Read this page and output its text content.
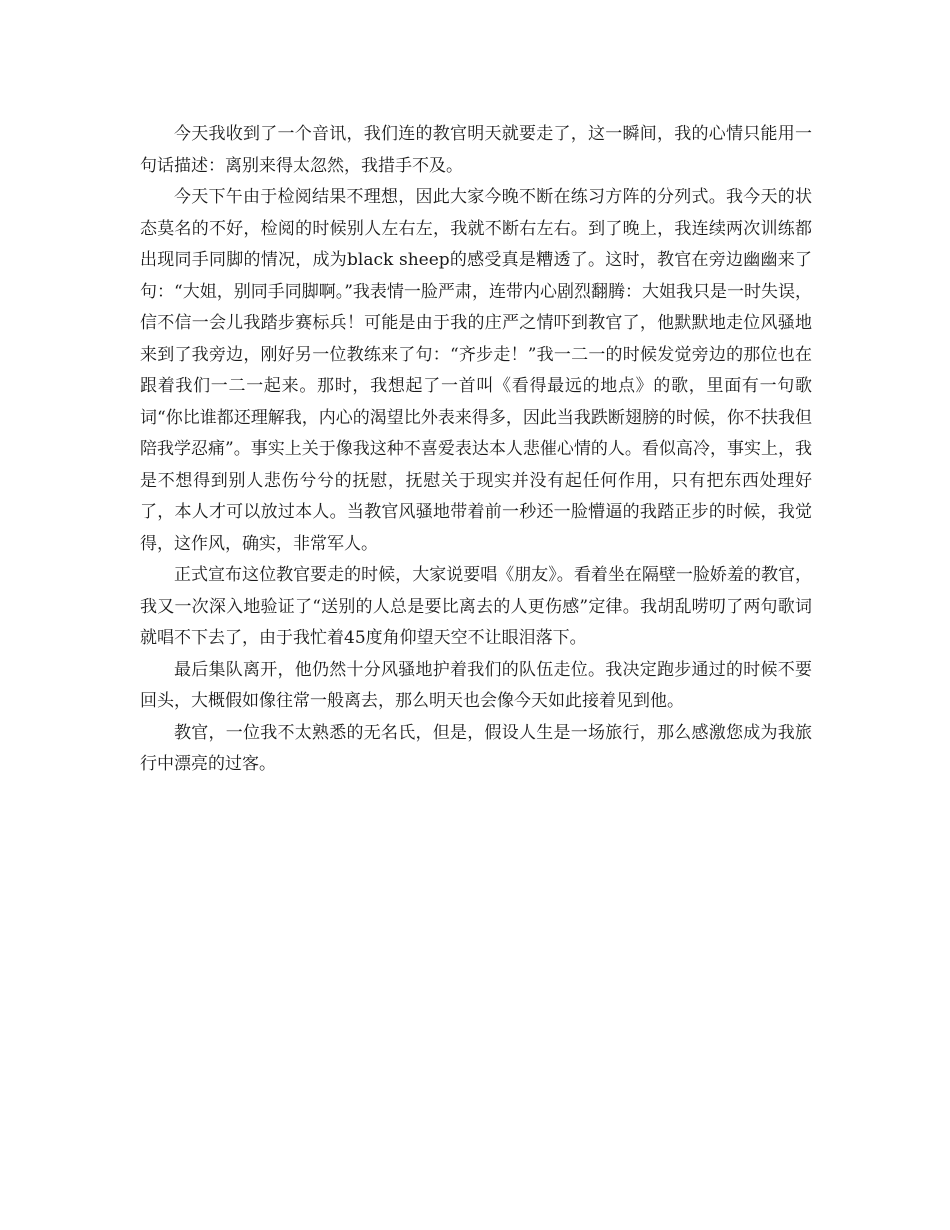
今天我收到了一个音讯，我们连的教官明天就要走了，这一瞬间，我的心情只能用一句话描述：离别来得太忽然，我措手不及。

今天下午由于检阅结果不理想，因此大家今晚不断在练习方阵的分列式。我今天的状态莫名的不好，检阅的时候别人左右左，我就不断右左右。到了晚上，我连续两次训练都出现同手同脚的情况，成为black sheep的感受真是糟透了。这时，教官在旁边幽幽来了句：“大姐，别同手同脚啊。”我表情一脸严肃，连带内心剧烈翻腾：大姐我只是一时失误，信不信一会儿我踏步赛标兵！可能是由于我的庄严之情吓到教官了，他默默地走位风骚地来到了我旁边，刚好另一位教练来了句：“齐步走！”我一二一的时候发觉旁边的那位也在跟着我们一二一起来。那时，我想起了一首叫《看得最远的地点》的歌，里面有一句歌词“你比谁都还理解我，内心的渴望比外表来得多，因此当我跌断翅膀的时候，你不扶我但陪我学忍痛”。事实上关于像我这种不喜爱表达本人悲催心情的人。看似高冷，事实上，我是不想得到别人悲伤兮兮的抚慰，抚慰关于现实并没有起任何作用，只有把东西处理好了，本人才可以放过本人。当教官风骚地带着前一秒还一脸懵逼的我踏正步的时候，我觉得，这作风，确实，非常军人。

正式宣布这位教官要走的时候，大家说要唱《朋友》。看着坐在隔壁一脸娇羞的教官，我又一次深入地验证了“送别的人总是要比离去的人更伤感”定律。我胡乱唠叨了两句歌词就唱不下去了，由于我忙着45度角仰望天空不让眼泪落下。

最后集队离开，他仍然十分风骚地护着我们的队伍走位。我决定跑步通过的时候不要回头，大概假如像往常一般离去，那么明天也会像今天如此接着见到他。

教官，一位我不太熟悉的无名氏，但是，假设人生是一场旅行，那么感激您成为我旅行中漂亮的过客。
